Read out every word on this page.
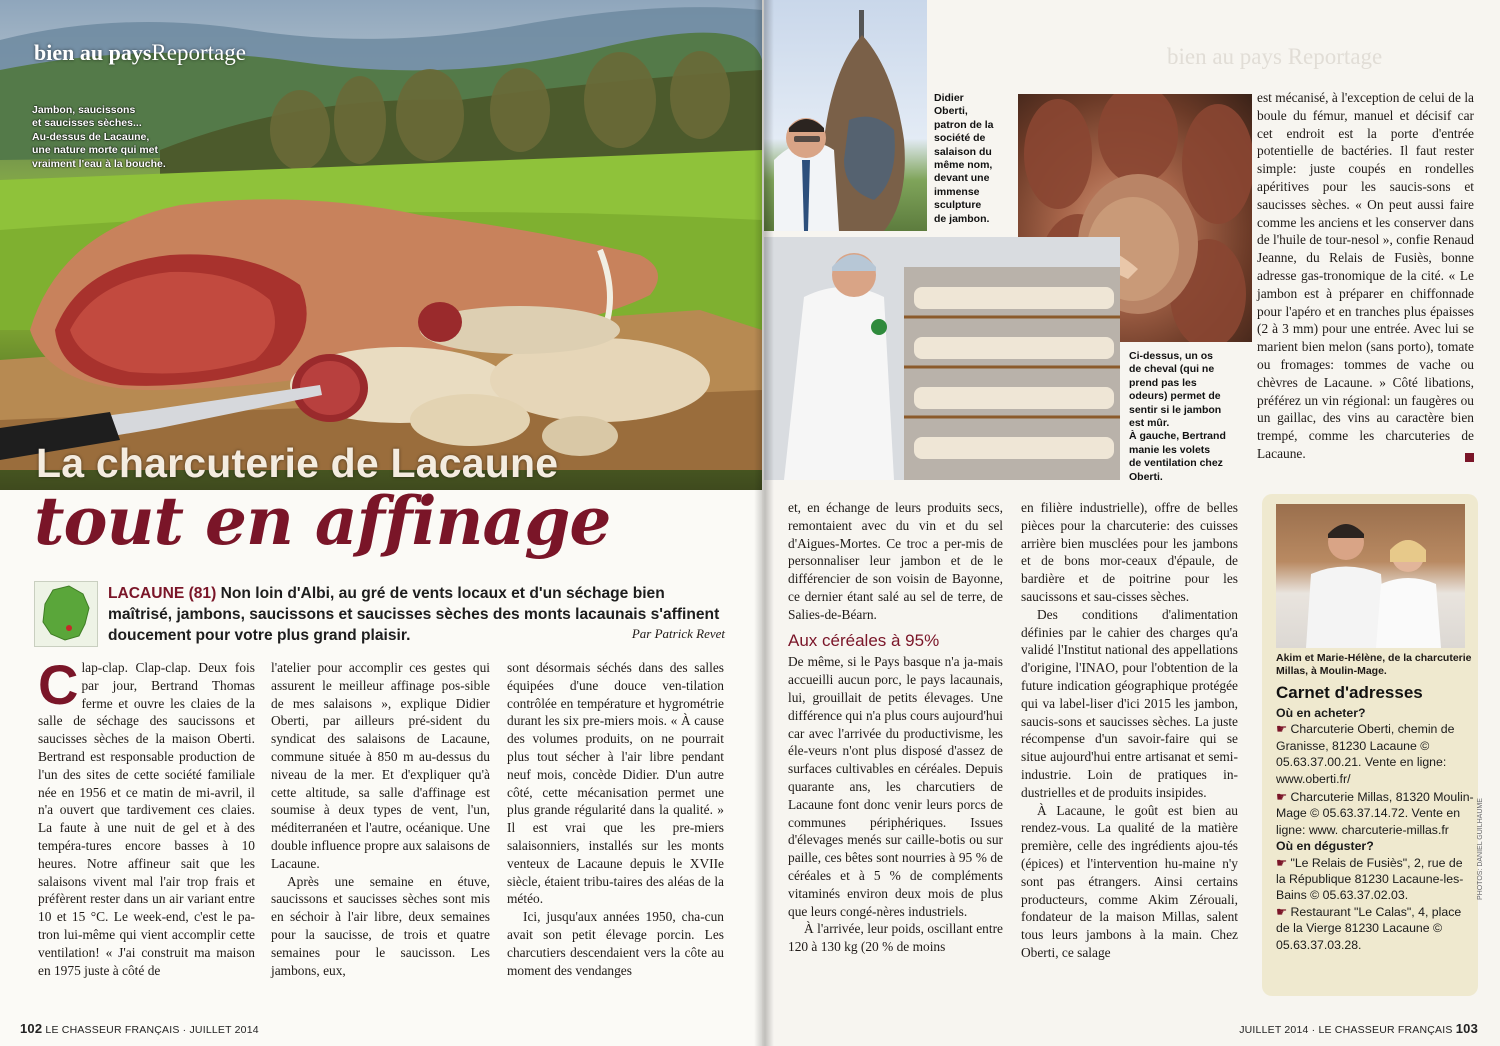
bien au paysReportage
Jambon, saucissons
et saucisses sèches...
Au-dessus de Lacaune,
une nature morte qui met
vraiment l'eau à la bouche.
La charcuterie de Lacaune
tout en affinage
LACAUNE (81) Non loin d'Albi, au gré de vents locaux et d'un séchage bien maîtrisé, jambons, saucissons et saucisses sèches des monts lacaunais s'affinent doucement pour votre plus grand plaisir.	Par Patrick Revet

Clap-clap. Clap-clap. Deux fois par jour, Bertrand Thomas ferme et ouvre les claies de la salle de séchage des saucissons et saucisses sèches de la maison Oberti. Bertrand est responsable production de l'un des sites de cette société familiale née en 1956 et ce matin de mi-avril, il n'a ouvert que tardivement ces claies. La faute à une nuit de gel et à des tempéra-tures encore basses à 10 heures. Notre affineur sait que les salaisons vivent mal l'air trop frais et préfèrent rester dans un air variant entre 10 et 15 °C. Le week-end, c'est le pa-tron lui-même qui vient accomplir cette ventilation! « J'ai construit ma maison en 1975 juste à côté de

l'atelier pour accomplir ces gestes qui assurent le meilleur affinage pos-sible de mes salaisons », explique Didier Oberti, par ailleurs pré-sident du syndicat des salaisons de Lacaune, commune située à 850 m au-dessus du niveau de la mer. Et d'expliquer qu'à cette altitude, sa salle d'affinage est soumise à deux types de vent, l'un, méditerranéen et l'autre, océanique. Une double influence propre aux salaisons de Lacaune.

Après une semaine en étuve, saucissons et saucisses sèches sont mis en séchoir à l'air libre, deux semaines pour la saucisse, de trois et quatre semaines pour le saucisson. Les jambons, eux,

sont désormais séchés dans des salles équipées d'une douce ven-tilation contrôlée en température et hygrométrie durant les six pre-miers mois. « À cause des volumes produits, on ne pourrait plus tout sécher à l'air libre pendant neuf mois, concède Didier. D'un autre côté, cette mécanisation permet une plus grande régularité dans la qualité. » Il est vrai que les pre-miers salaisonniers, installés sur les monts venteux de Lacaune depuis le XVIIe siècle, étaient tribu-taires des aléas de la météo.

Ici, jusqu'aux années 1950, cha-cun avait son petit élevage porcin. Les charcutiers descendaient vers la côte au moment des vendanges

102 LE CHASSEUR FRANÇAIS · JUILLET 2014
bien au pays Reportage
Didier
Oberti,
patron de la
société de
salaison du
même nom,
devant une
immense
sculpture
de jambon.
Ci-dessus, un os
de cheval (qui ne
prend pas les
odeurs) permet de
sentir si le jambon
est mûr.
À gauche, Bertrand
manie les volets
de ventilation chez
Oberti.

est mécanisé, à l'exception de celui de la boule du fémur, manuel et décisif car cet endroit est la porte d'entrée potentielle de bactéries. Il faut rester simple: juste coupés en rondelles apéritives pour les saucis-sons et saucisses sèches. « On peut aussi faire comme les anciens et les conserver dans de l'huile de tour-nesol », confie Renaud Jeanne, du Relais de Fusiès, bonne adresse gas-tronomique de la cité. « Le jambon est à préparer en chiffonnade pour l'apéro et en tranches plus épaisses (2 à 3 mm) pour une entrée. Avec lui se marient bien melon (sans porto), tomate ou fromages: tommes de vache ou chèvres de Lacaune. » Côté libations, préférez un vin régional: un faugères ou un gaillac, des vins au caractère bien trempé, comme les charcuteries de Lacaune.

et, en échange de leurs produits secs, remontaient avec du vin et du sel d'Aigues-Mortes. Ce troc a per-mis de personnaliser leur jambon et de le différencier de son voisin de Bayonne, ce dernier étant salé au sel de terre, de Salies-de-Béarn.

Aux céréales à 95%

De même, si le Pays basque n'a ja-mais accueilli aucun porc, le pays lacaunais, lui, grouillait de petits élevages. Une différence qui n'a plus cours aujourd'hui car avec l'arrivée du productivisme, les éle-veurs n'ont plus disposé d'assez de surfaces cultivables en céréales. Depuis quarante ans, les charcutiers de Lacaune font donc venir leurs porcs de communes périphériques. Issues d'élevages menés sur caille-botis ou sur paille, ces bêtes sont nourries à 95 % de céréales et à 5 % de compléments vitaminés environ deux mois de plus que leurs congé-nères industriels.

À l'arrivée, leur poids, oscillant entre 120 à 130 kg (20 % de moins

en filière industrielle), offre de belles pièces pour la charcuterie: des cuisses arrière bien musclées pour les jambons et de bons mor-ceaux d'épaule, de bardière et de poitrine pour les saucissons et sau-cisses sèches.

Des conditions d'alimentation définies par le cahier des charges qu'a validé l'Institut national des appellations d'origine, l'INAO, pour l'obtention de la future indication géographique protégée qui va label-liser d'ici 2015 les jambon, saucis-sons et saucisses sèches. La juste récompense d'un savoir-faire qui se situe aujourd'hui entre artisanat et semi-industrie. Loin de pratiques in-dustrielles et de produits insipides.

À Lacaune, le goût est bien au rendez-vous. La qualité de la matière première, celle des ingrédients ajou-tés (épices) et l'intervention hu-maine n'y sont pas étrangers. Ainsi certains producteurs, comme Akim Zérouali, fondateur de la maison Millas, salent tous leurs jambons à la main. Chez Oberti, ce salage

Akim et Marie-Hélène, de la charcuterie Millas, à Moulin-Mage.
Carnet d'adresses
Où en acheter?
☛ Charcuterie Oberti, chemin de Granisse, 81230 Lacaune © 05.63.37.00.21. Vente en ligne: www.oberti.fr/
☛ Charcuterie Millas, 81320 Moulin-Mage © 05.63.37.14.72. Vente en ligne: www. charcuterie-millas.fr
Où en déguster?
☛ "Le Relais de Fusiès", 2, rue de la République 81230 Lacaune-les-Bains © 05.63.37.02.03.
☛ Restaurant "Le Calas", 4, place de la Vierge 81230 Lacaune © 05.63.37.03.28.
PHOTOS: DANIEL GUILHAUME
JUILLET 2014 · LE CHASSEUR FRANÇAIS 103
